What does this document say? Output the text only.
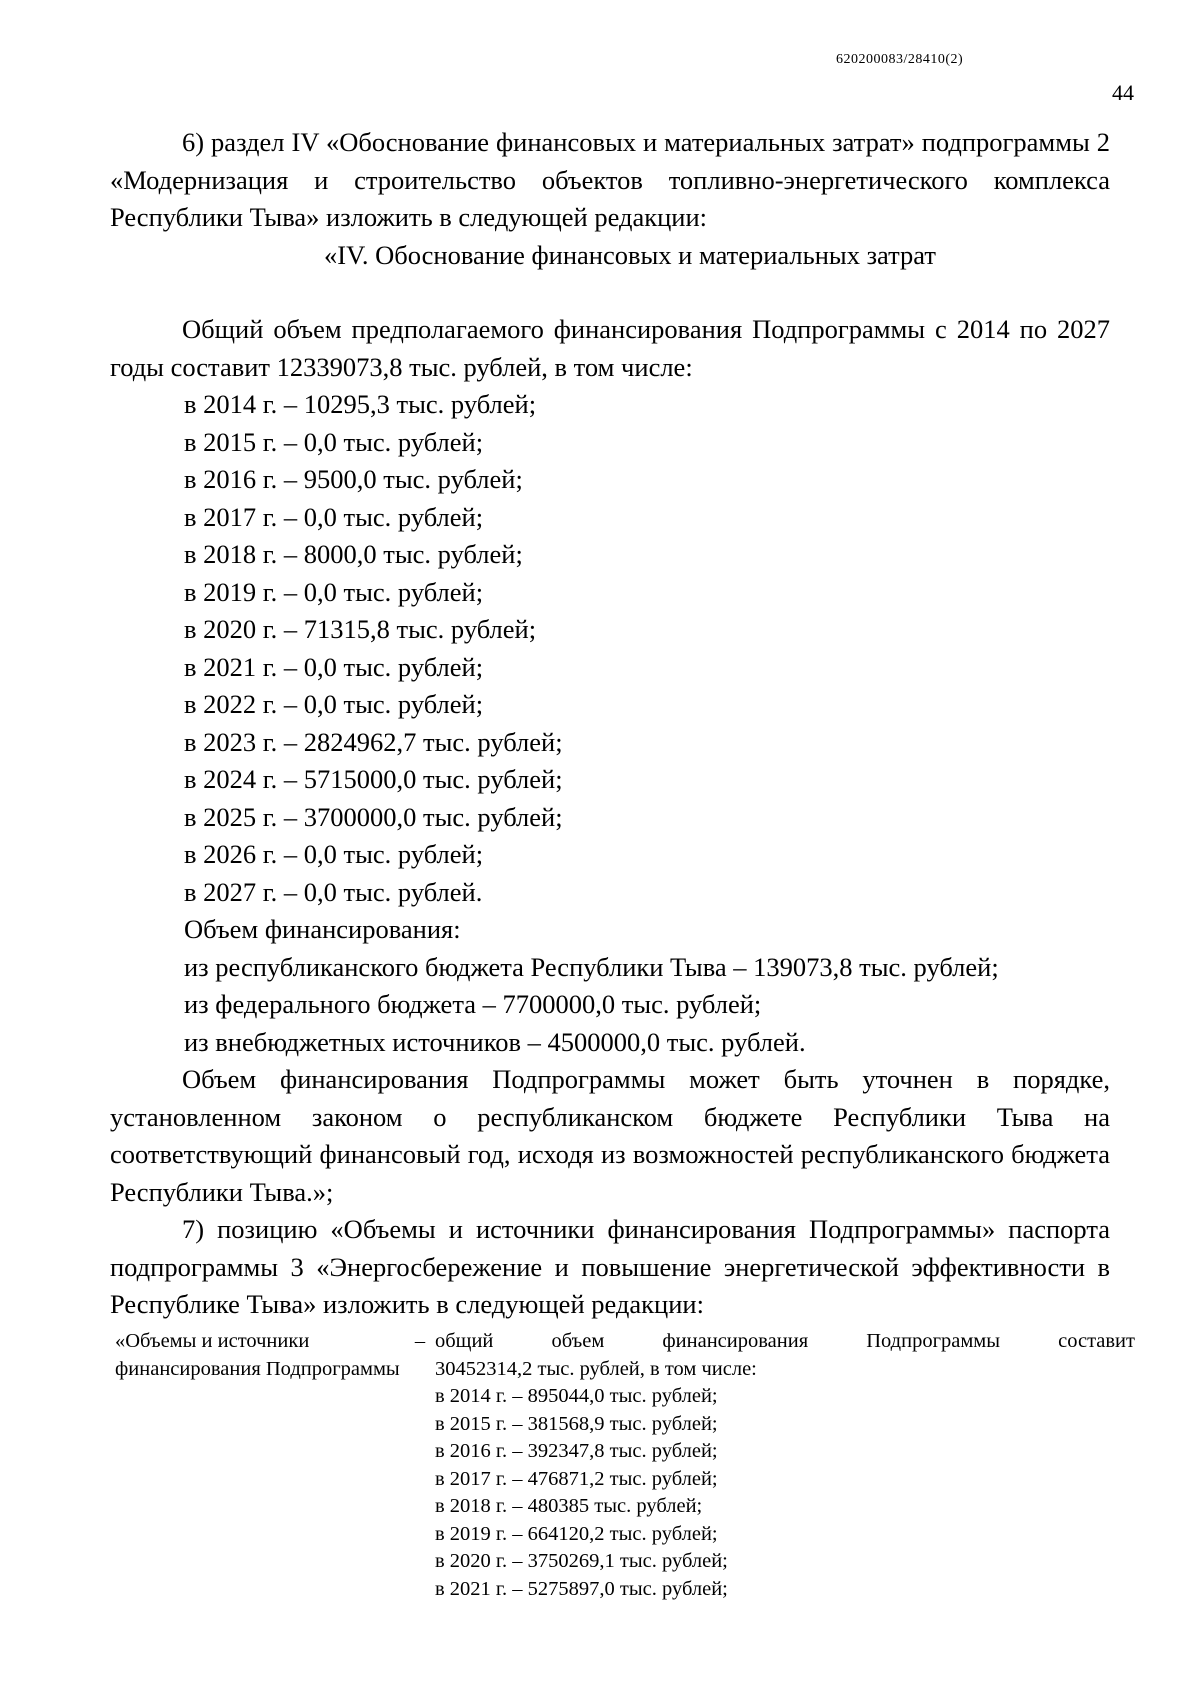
620200083/28410(2)
44

6) раздел IV «Обоснование финансовых и материальных затрат» подпрограммы 2 «Модернизация и строительство объектов топливно-энергетического комплекса Республики Тыва» изложить в следующей редакции:

«IV. Обоснование финансовых и материальных затрат

Общий объем предполагаемого финансирования Подпрограммы с 2014 по 2027 годы составит 12339073,8 тыс. рублей, в том числе:

в 2014 г. – 10295,3 тыс. рублей;
в 2015 г. – 0,0 тыс. рублей;
в 2016 г. – 9500,0 тыс. рублей;
в 2017 г. – 0,0 тыс. рублей;
в 2018 г. – 8000,0 тыс. рублей;
в 2019 г. – 0,0 тыс. рублей;
в 2020 г. – 71315,8 тыс. рублей;
в 2021 г. – 0,0 тыс. рублей;
в 2022 г. – 0,0 тыс. рублей;
в 2023 г. – 2824962,7 тыс. рублей;
в 2024 г. – 5715000,0 тыс. рублей;
в 2025 г. – 3700000,0 тыс. рублей;
в 2026 г. – 0,0 тыс. рублей;
в 2027 г. – 0,0 тыс. рублей.
Объем финансирования:
из республиканского бюджета Республики Тыва – 139073,8 тыс. рублей;
из федерального бюджета – 7700000,0 тыс. рублей;
из внебюджетных источников – 4500000,0 тыс. рублей.

Объем финансирования Подпрограммы может быть уточнен в порядке, установленном законом о республиканском бюджете Республики Тыва на соответствующий финансовый год, исходя из возможностей республиканского бюджета Республики Тыва.»;

7) позицию «Объемы и источники финансирования Подпрограммы» паспорта подпрограммы 3 «Энергосбережение и повышение энергетической эффективности в Республике Тыва» изложить в следующей редакции:

«Объемы и источники финансирования Подпрограммы
– общий объем финансирования Подпрограммы составит
30452314,2 тыс. рублей, в том числе:
в 2014 г. – 895044,0 тыс. рублей;
в 2015 г. – 381568,9 тыс. рублей;
в 2016 г. – 392347,8 тыс. рублей;
в 2017 г. – 476871,2 тыс. рублей;
в 2018 г. – 480385 тыс. рублей;
в 2019 г. – 664120,2 тыс. рублей;
в 2020 г. – 3750269,1 тыс. рублей;
в 2021 г. – 5275897,0 тыс. рублей;
